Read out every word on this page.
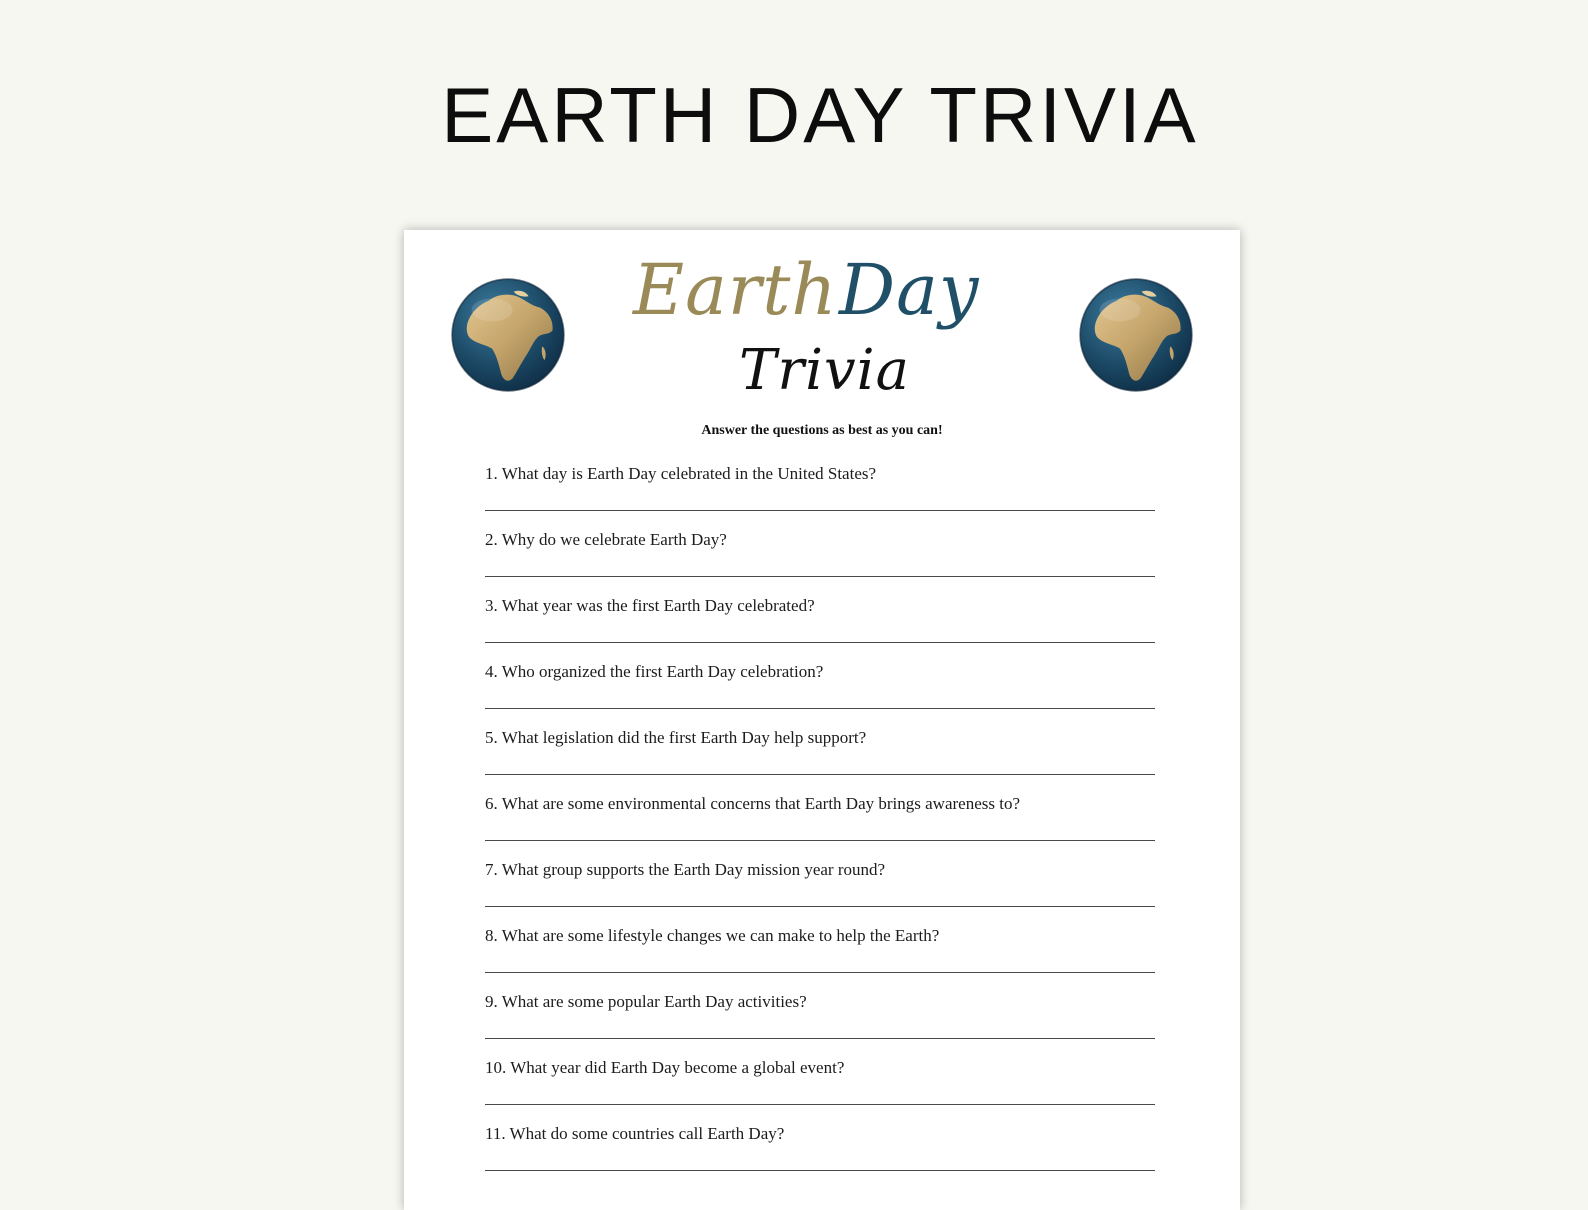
EARTH DAY TRIVIA
Earth Day
Trivia
Answer the questions as best as you can!
1. What day is Earth Day celebrated in the United States?
2. Why do we celebrate Earth Day?
3. What year was the first Earth Day celebrated?
4. Who organized the first Earth Day celebration?
5. What legislation did the first Earth Day help support?
6. What are some environmental concerns that Earth Day brings awareness to?
7. What group supports the Earth Day mission year round?
8. What are some lifestyle changes we can make to help the Earth?
9. What are some popular Earth Day activities?
10. What year did Earth Day become a global event?
11. What do some countries call Earth Day?
